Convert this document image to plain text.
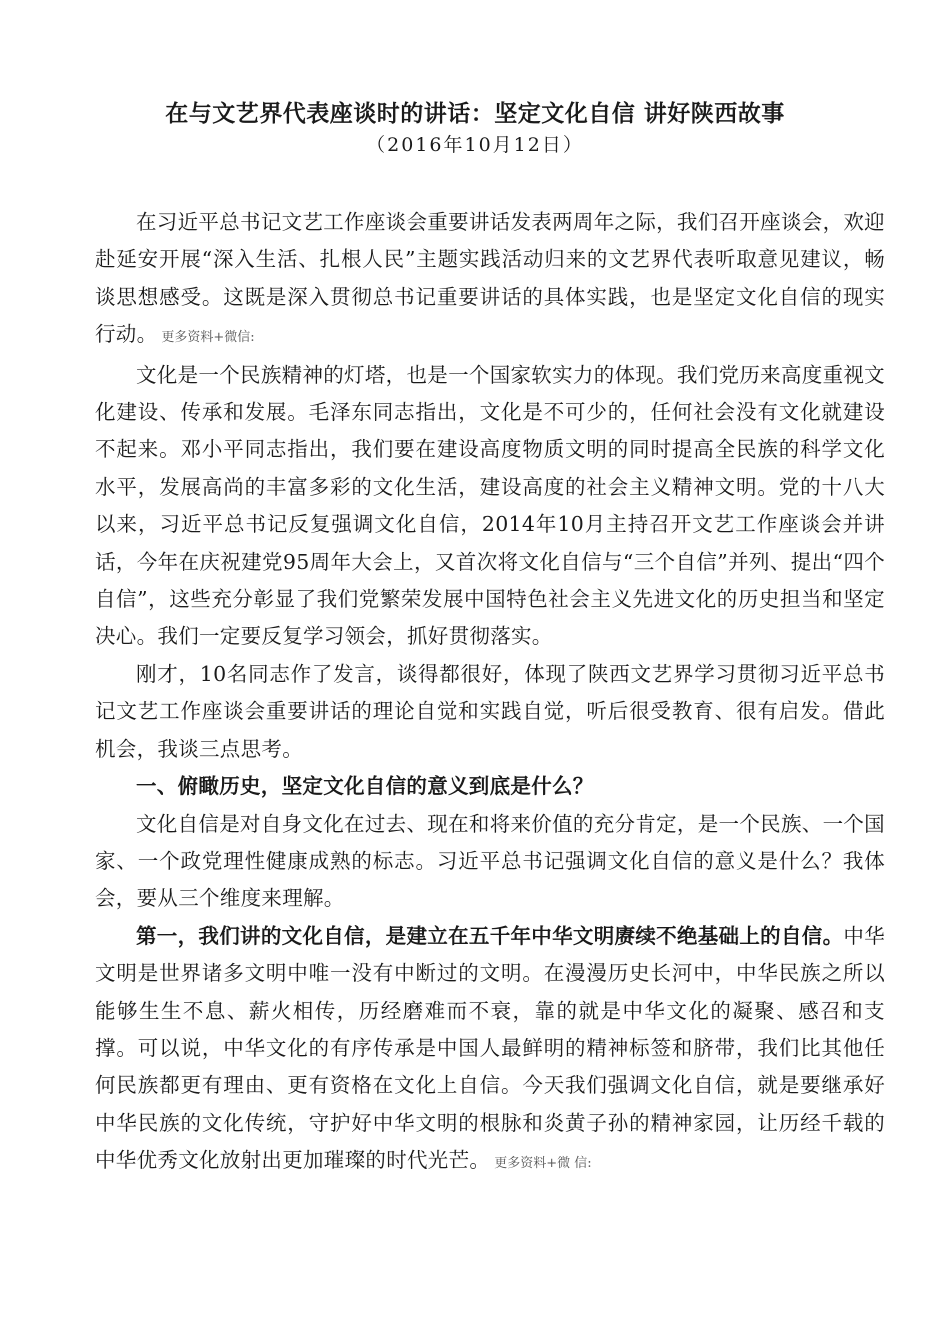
在与文艺界代表座谈时的讲话：坚定文化自信 讲好陕西故事
（2016年10月12日）

在习近平总书记文艺工作座谈会重要讲话发表两周年之际，我们召开座谈会，欢迎赴延安开展“深入生活、扎根人民”主题实践活动归来的文艺界代表听取意见建议，畅谈思想感受。这既是深入贯彻总书记重要讲话的具体实践，也是坚定文化自信的现实行动。 更多资料+微信:

文化是一个民族精神的灯塔，也是一个国家软实力的体现。我们党历来高度重视文化建设、传承和发展。毛泽东同志指出，文化是不可少的，任何社会没有文化就建设不起来。邓小平同志指出，我们要在建设高度物质文明的同时提高全民族的科学文化水平，发展高尚的丰富多彩的文化生活，建设高度的社会主义精神文明。党的十八大以来，习近平总书记反复强调文化自信，2014年10月主持召开文艺工作座谈会并讲话，今年在庆祝建党95周年大会上，又首次将文化自信与“三个自信”并列、提出“四个自信”，这些充分彰显了我们党繁荣发展中国特色社会主义先进文化的历史担当和坚定决心。我们一定要反复学习领会，抓好贯彻落实。

刚才，10名同志作了发言，谈得都很好，体现了陕西文艺界学习贯彻习近平总书记文艺工作座谈会重要讲话的理论自觉和实践自觉，听后很受教育、很有启发。借此机会，我谈三点思考。

一、俯瞰历史，坚定文化自信的意义到底是什么？

文化自信是对自身文化在过去、现在和将来价值的充分肯定，是一个民族、一个国家、一个政党理性健康成熟的标志。习近平总书记强调文化自信的意义是什么？我体会，要从三个维度来理解。

第一，我们讲的文化自信，是建立在五千年中华文明赓续不绝基础上的自信。中华文明是世界诸多文明中唯一没有中断过的文明。在漫漫历史长河中，中华民族之所以能够生生不息、薪火相传，历经磨难而不衰，靠的就是中华文化的凝聚、感召和支撑。可以说，中华文化的有序传承是中国人最鲜明的精神标签和脐带，我们比其他任何民族都更有理由、更有资格在文化上自信。今天我们强调文化自信，就是要继承好中华民族的文化传统，守护好中华文明的根脉和炎黄子孙的精神家园，让历经千载的中华优秀文化放射出更加璀璨的时代光芒。 更多资料+微 信:
